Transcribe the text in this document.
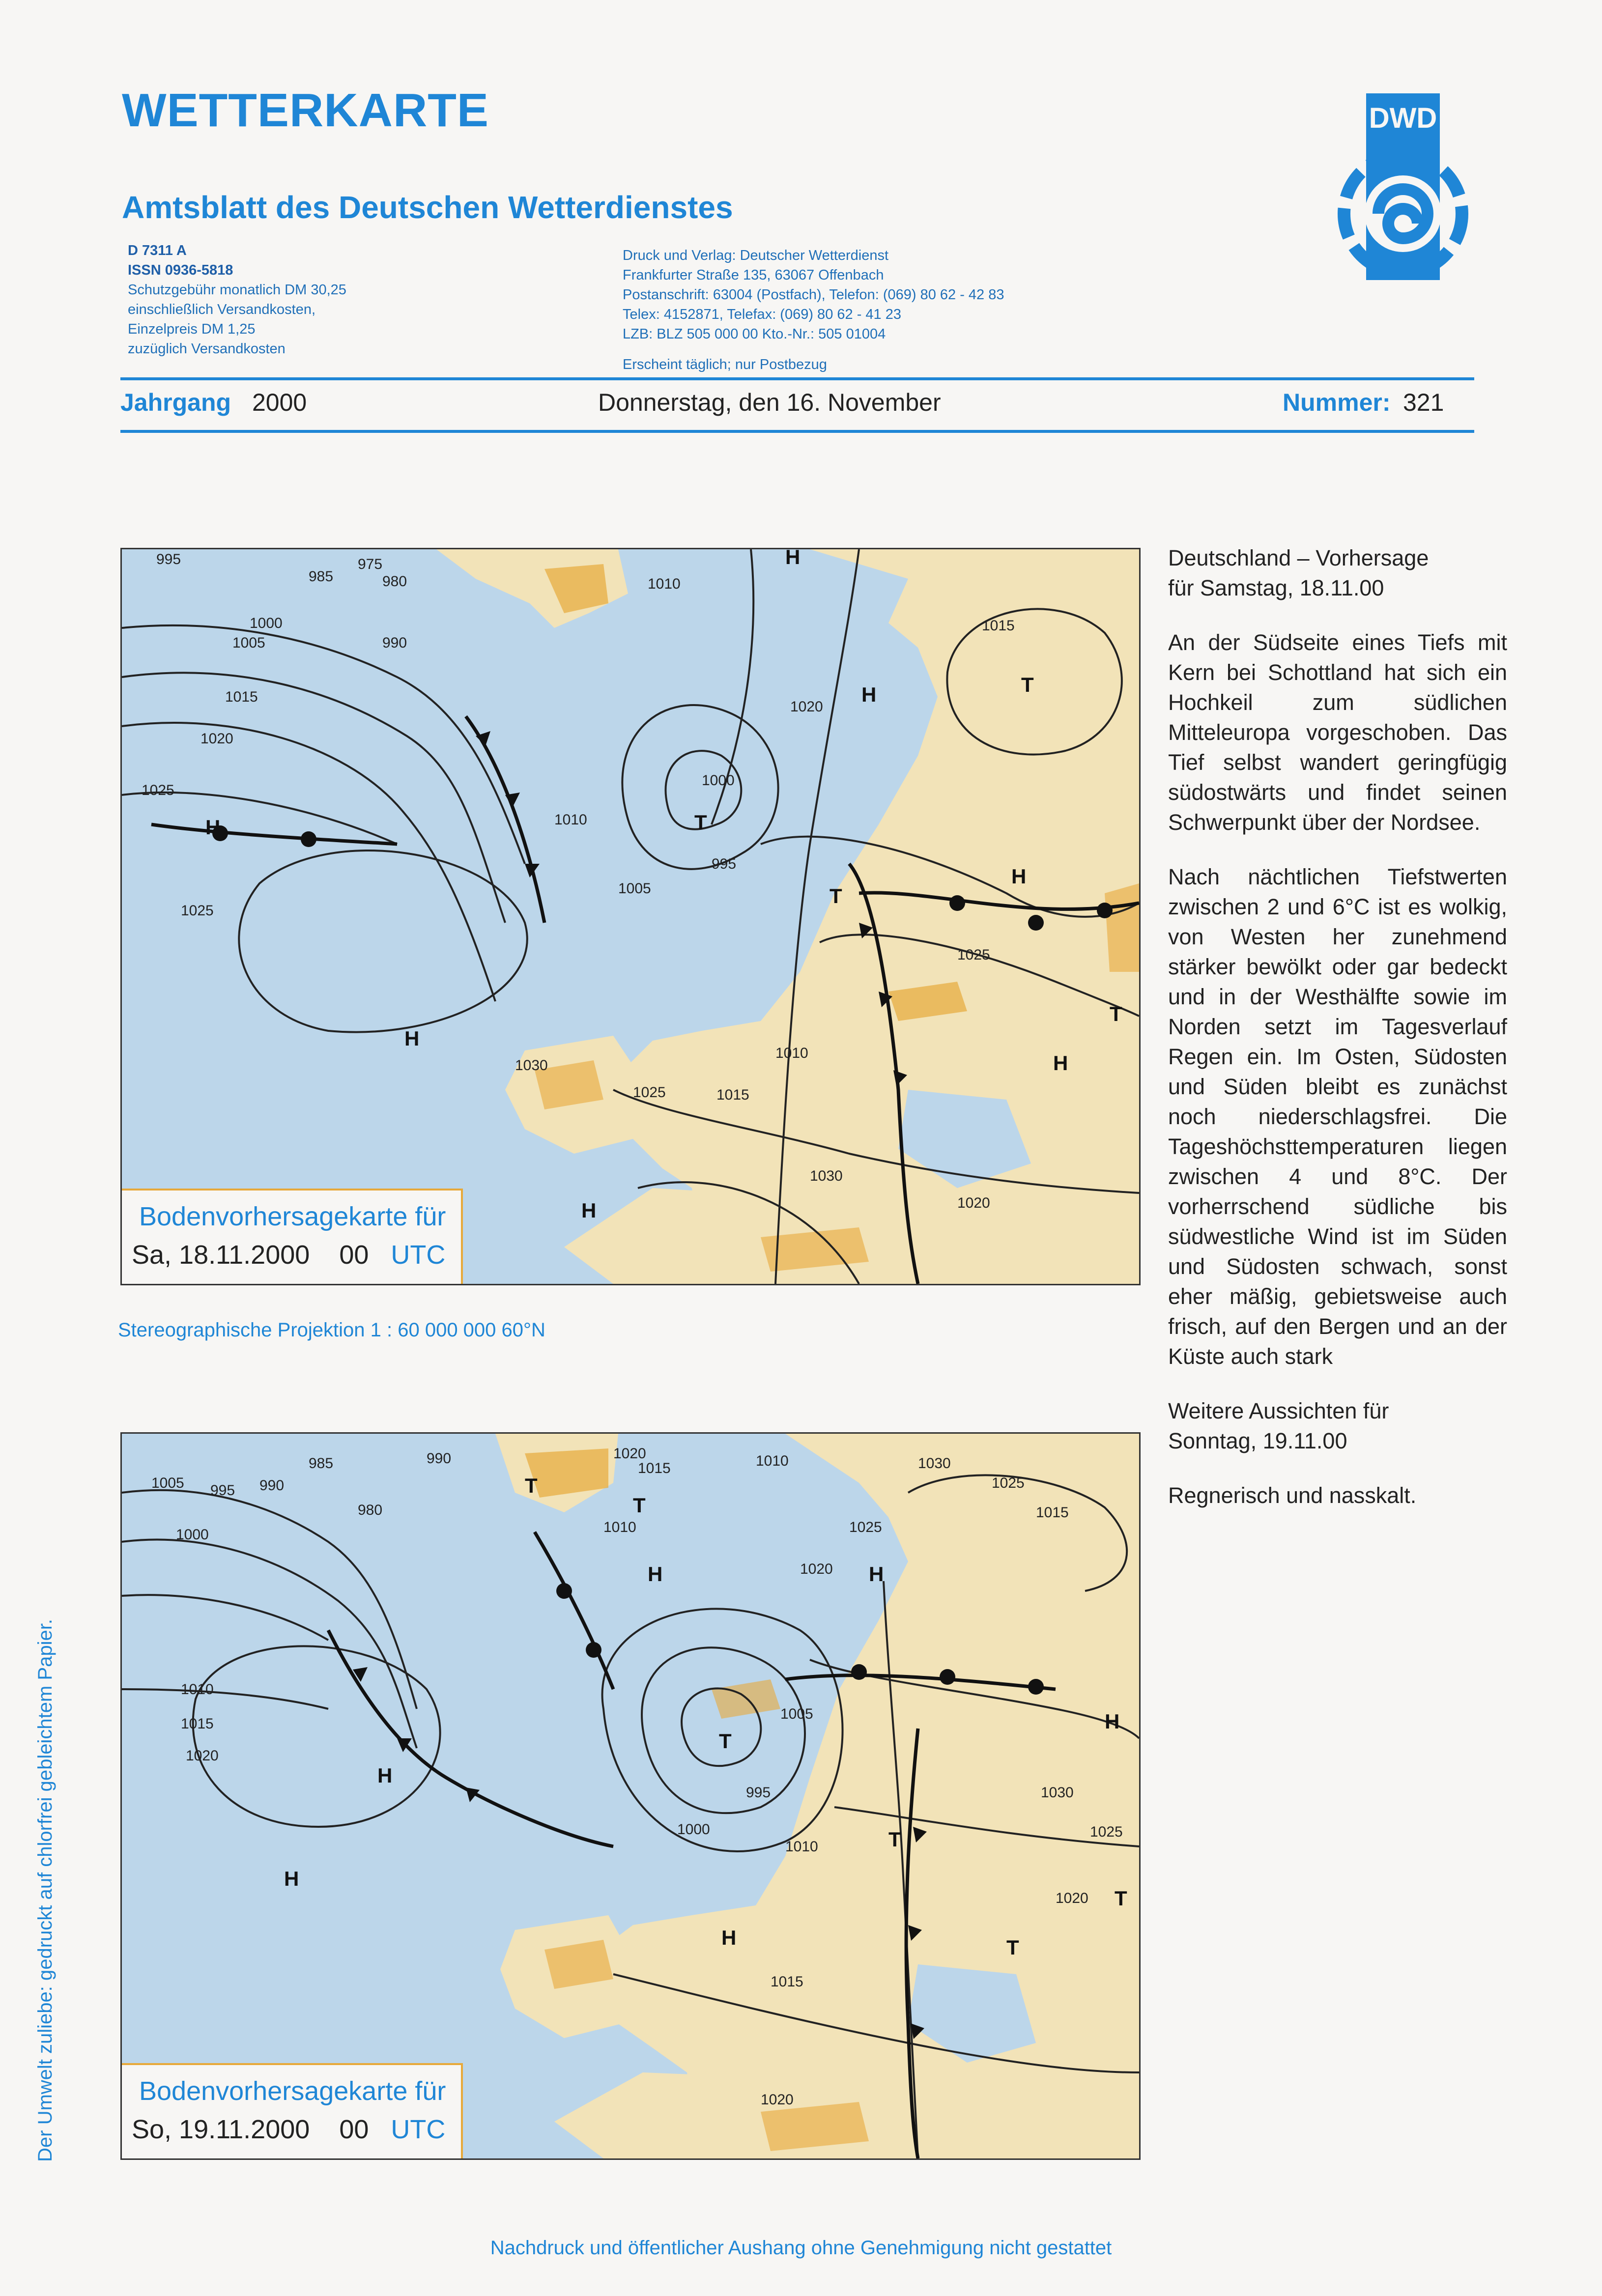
WETTERKARTE
Amtsblatt des Deutschen Wetterdienstes
D 7311 A
ISSN 0936-5818
Schutzgebühr monatlich DM 30,25
einschließlich Versandkosten,
Einzelpreis DM 1,25
zuzüglich Versandkosten
Druck und Verlag: Deutscher Wetterdienst
Frankfurter Straße 135, 63067 Offenbach
Postanschrift: 63004 (Postfach), Telefon: (069) 80 62 - 42 83
Telex: 4152871, Telefax: (069) 80 62 - 41 23
LZB: BLZ 505 000 00 Kto.-Nr.: 505 01004
Erscheint täglich; nur Postbezug
DWD
Jahrgang 2000	Donnerstag, den 16. November	Nummer: 321
995
985
975
980	1010
1000
1005	990
1015
1020
1025
1030
1025
1020
1015
1010
1005
1000
995
1025
1020
1015
1010
1030
1025
H	T
H
H
H
T
T
H
H
T
H
Bodenvorhersagekarte für
Sa, 18.11.2000 00 UTC
Stereographische Projektion 1 : 60 000 000 60°N
985	990
1005 995 990
980
1000
1020
1015	1010	1030
1025
1015
1010	1025
1020
1010
1015
1020
1005
1000
995
1010
1030
1025
1020
1015
1020
H
T
T
H	H
T
H
H
T
H
T
T
Bodenvorhersagekarte für
So, 19.11.2000 00 UTC

Deutschland – Vorhersage
für Samstag, 18.11.00

An der Südseite eines Tiefs mit Kern bei Schottland hat sich ein Hochkeil zum südlichen Mitteleuropa vorgeschoben. Das Tief selbst wandert geringfügig südostwärts und findet seinen Schwerpunkt über der Nordsee.

Nach nächtlichen Tiefstwerten zwischen 2 und 6°C ist es wolkig, von Westen her zunehmend stärker bewölkt oder gar bedeckt und in der Westhälfte sowie im Norden setzt im Tagesverlauf Regen ein. Im Osten, Südosten und Süden bleibt es zunächst noch niederschlagsfrei. Die Tageshöchsttemperaturen liegen zwischen 4 und 8°C. Der vorherrschend südliche bis südwestliche Wind ist im Süden und Südosten schwach, sonst eher mäßig, gebietsweise auch frisch, auf den Bergen und an der Küste auch stark

Weitere Aussichten für
Sonntag, 19.11.00

Regnerisch und nasskalt.

Der Umwelt zuliebe: gedruckt auf chlorfrei gebleichtem Papier.
Nachdruck und öffentlicher Aushang ohne Genehmigung nicht gestattet
